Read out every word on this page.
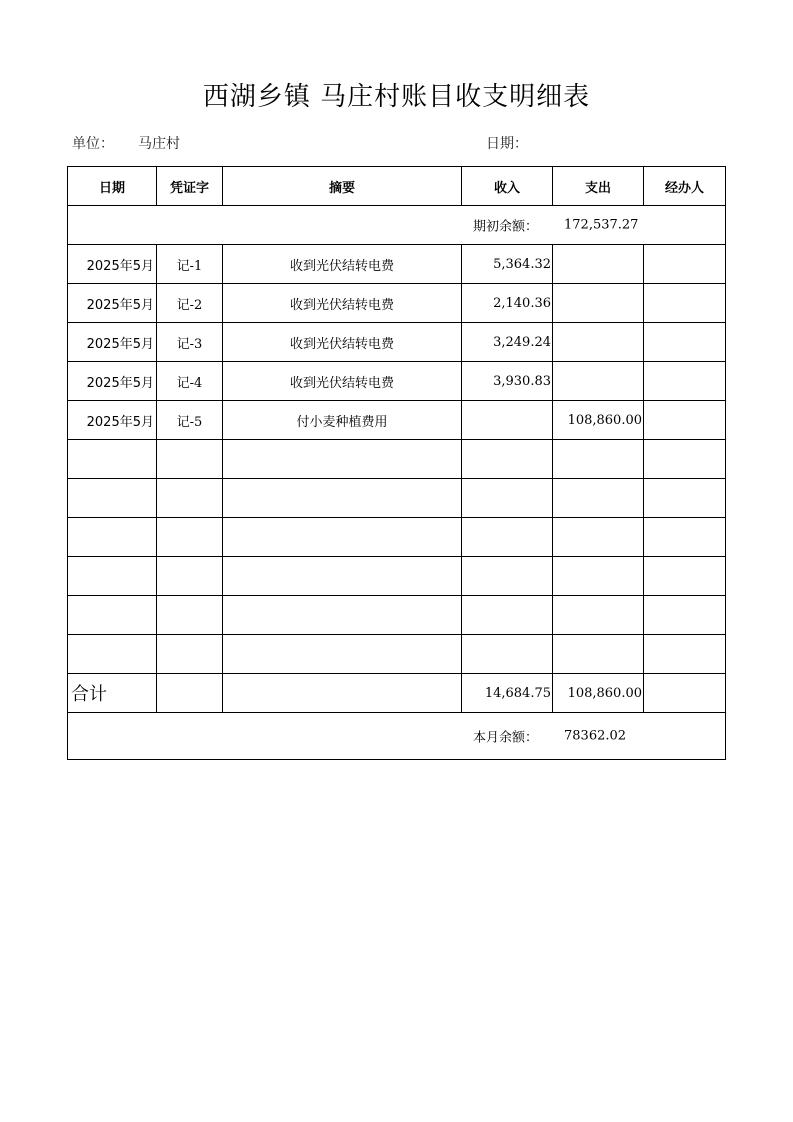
西湖乡镇 马庄村账目收支明细表
单位： 马庄村	日期：
日期	凭证字	摘要	收入	支出	经办人

期初余额： 172,537.27					

2025年5月	记-1	收到光伏结转电费	5,364.32		
2025年5月	记-2	收到光伏结转电费	2,140.36		
2025年5月	记-3	收到光伏结转电费	3,249.24		
2025年5月	记-4	收到光伏结转电费	3,930.83		
2025年5月	记-5	付小麦种植费用		108,860.00	

合计			14,684.75	108,860.00	

本月余额： 78362.02					
